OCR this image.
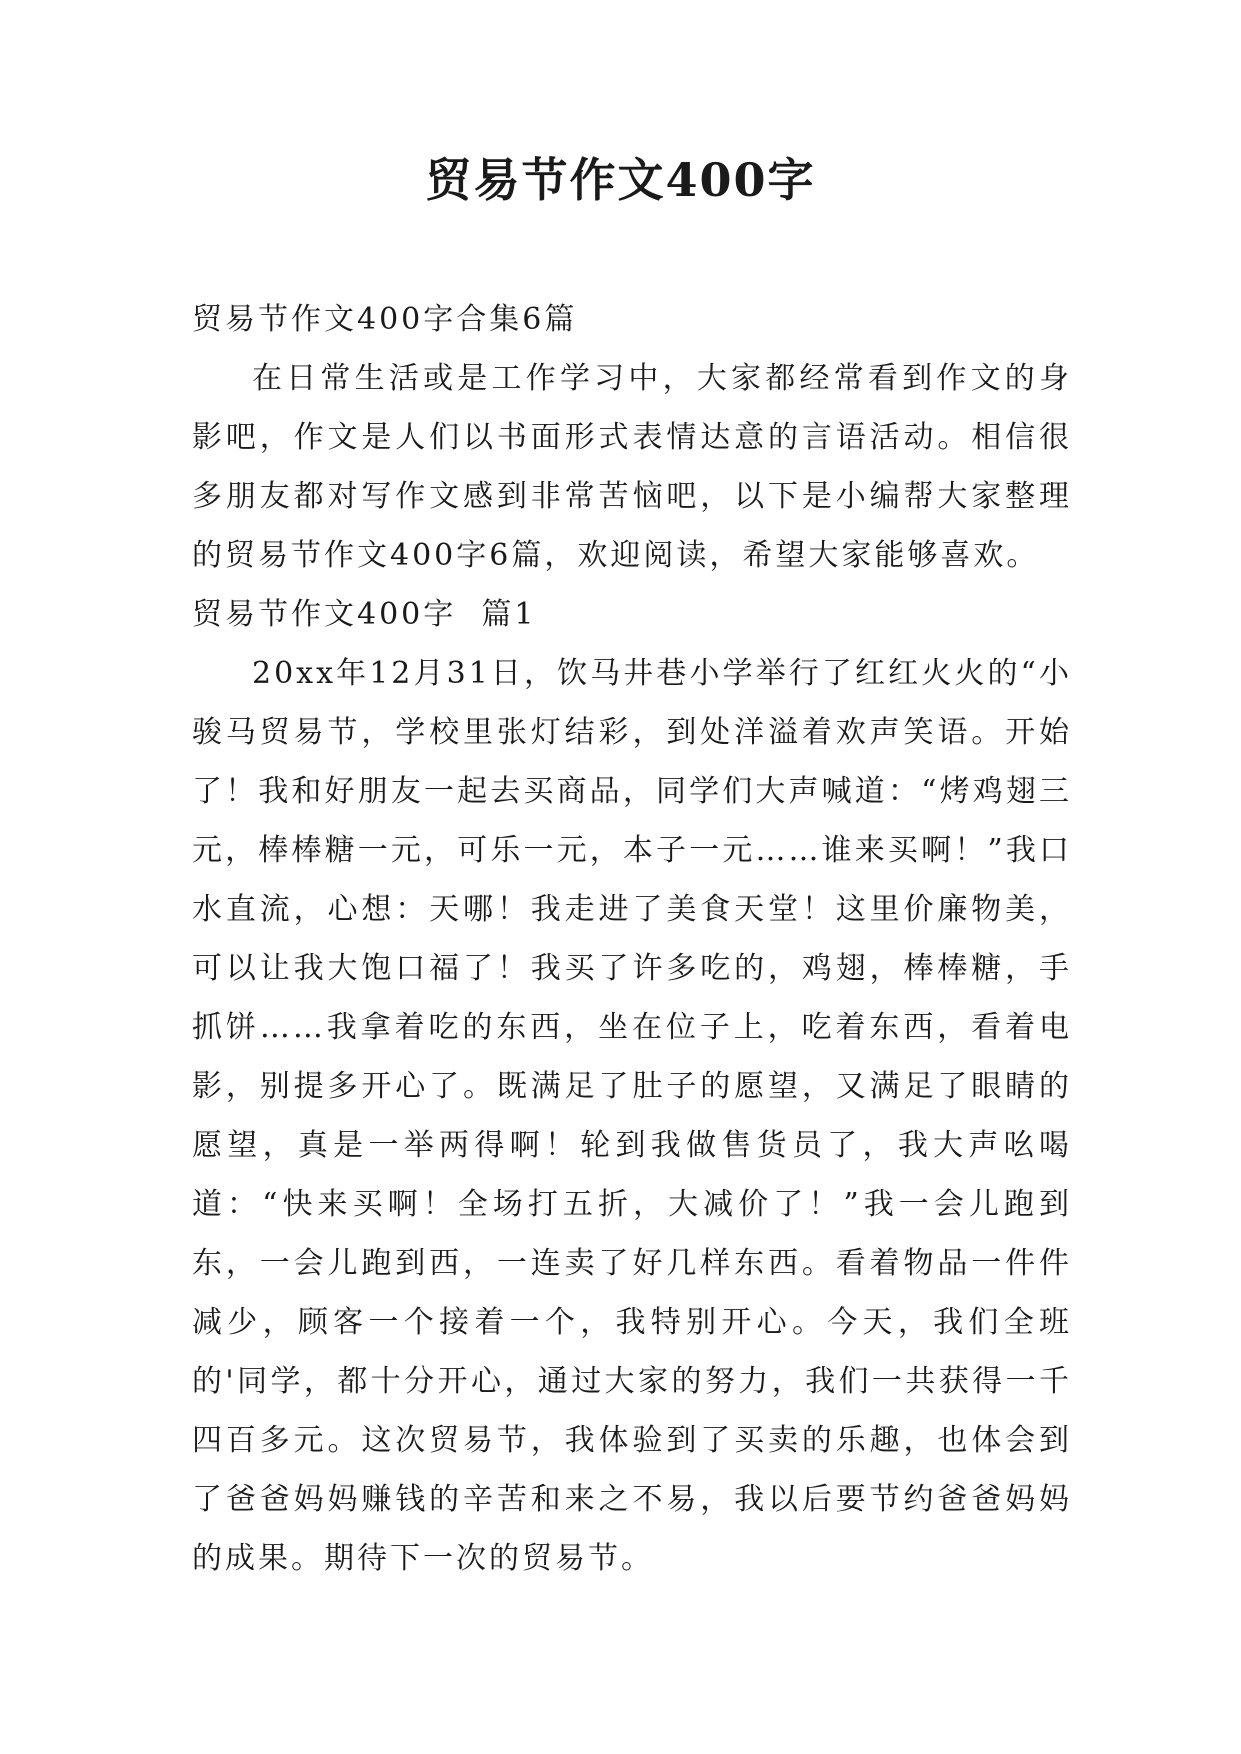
贸易节作文400字

贸易节作文400字合集6篇

在日常生活或是工作学习中，大家都经常看到作文的身影吧，作文是人们以书面形式表情达意的言语活动。相信很多朋友都对写作文感到非常苦恼吧，以下是小编帮大家整理的贸易节作文400字6篇，欢迎阅读，希望大家能够喜欢。

贸易节作文400字  篇1

20xx年12月31日，饮马井巷小学举行了红红火火的“小骏马贸易节，学校里张灯结彩，到处洋溢着欢声笑语。开始了！我和好朋友一起去买商品，同学们大声喊道：“烤鸡翅三元，棒棒糖一元，可乐一元，本子一元……谁来买啊！”我口水直流，心想：天哪！我走进了美食天堂！这里价廉物美，可以让我大饱口福了！我买了许多吃的，鸡翅，棒棒糖，手抓饼……我拿着吃的东西，坐在位子上，吃着东西，看着电影，别提多开心了。既满足了肚子的愿望，又满足了眼睛的愿望，真是一举两得啊！轮到我做售货员了，我大声吆喝道：“快来买啊！全场打五折，大减价了！”我一会儿跑到东，一会儿跑到西，一连卖了好几样东西。看着物品一件件减少，顾客一个接着一个，我特别开心。今天，我们全班的'同学，都十分开心，通过大家的努力，我们一共获得一千四百多元。这次贸易节，我体验到了买卖的乐趣，也体会到了爸爸妈妈赚钱的辛苦和来之不易，我以后要节约爸爸妈妈的成果。期待下一次的贸易节。
